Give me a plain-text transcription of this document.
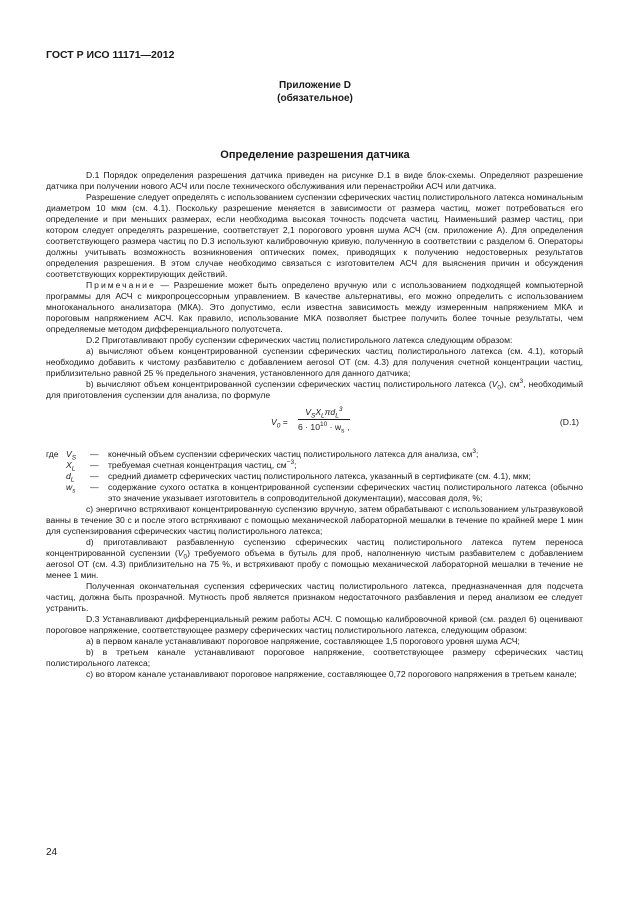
ГОСТ Р ИСО 11171—2012
Приложение D
(обязательное)
Определение разрешения датчика

D.1 Порядок определения разрешения датчика приведен на рисунке D.1 в виде блок-схемы. Определяют разрешение датчика при получении нового АСЧ или после технического обслуживания или перенастройки АСЧ или датчика.

Разрешение следует определять с использованием суспензии сферических частиц полистирольного латекса номинальным диаметром 10 мкм (см. 4.1). Поскольку разрешение меняется в зависимости от размера частиц, может потребоваться его определение и при меньших размерах, если необходима высокая точность подсчета частиц. Наименьший размер частиц, при котором следует определять разрешение, соответствует 2,1 порогового уровня шума АСЧ (см. приложение А). Для определения соответствующего размера частиц по D.3 используют калибровочную кривую, полученную в соответствии с разделом 6. Операторы должны учитывать возможность возникновения оптических помех, приводящих к получению недостоверных результатов определения разрешения. В этом случае необходимо связаться с изготовителем АСЧ для выяснения причин и обсуждения соответствующих корректирующих действий.

Примечание — Разрешение может быть определено вручную или с использованием подходящей компьютерной программы для АСЧ с микропроцессорным управлением. В качестве альтернативы, его можно определить с использованием многоканального анализатора (МКА). Это допустимо, если известна зависимость между измеренным напряжением МКА и пороговым напряжением АСЧ. Как правило, использование МКА позволяет быстрее получить более точные результаты, чем определяемые методом дифференциального полуотсчета.

D.2 Приготавливают пробу суспензии сферических частиц полистирольного латекса следующим образом:

а) вычисляют объем концентрированной суспензии сферических частиц полистирольного латекса (см. 4.1), который необходимо добавить к чистому разбавителю с добавлением aerosol OT (см. 4.3) для получения счетной концентрации частиц, приблизительно равной 25 % предельного значения, установленного для данного датчика;

b) вычисляют объем концентрированной суспензии сферических частиц полистирольного латекса $(V_0)$, $см^3$, необходимый для приготовления суспензии для анализа, по формуле

$V_0$ =
$V_SX_L\pi d_L^3$
$6 \cdot 10^{10} \cdot w_s$ ,	(D.1)
где $V_S$	—	конечный объем суспензии сферических частиц полистирольного латекса для анализа, $см^3$;
$X_L$	—	требуемая счетная концентрация частиц, $см^{-3}$;
$d_L$	—	средний диаметр сферических частиц полистирольного латекса, указанный в сертификате (см. 4.1), мкм;
$w_s$	—	содержание сухого остатка в концентрированной суспензии сферических частиц полистирольного латекса (обычно это значение указывает изготовитель в сопроводительной документации), массовая доля, %;

с) энергично встряхивают концентрированную суспензию вручную, затем обрабатывают с использованием ультразвуковой ванны в течение 30 с и после этого встряхивают с помощью механической лабораторной мешалки в течение по крайней мере 1 мин для суспензирования сферических частиц полистирольного латекса;

d) приготавливают разбавленную суспензию сферических частиц полистирольного латекса путем переноса концентрированной суспензии $(V_0)$ требуемого объема в бутыль для проб, наполненную чистым разбавителем с добавлением aerosol OT (см. 4.3) приблизительно на 75 %, и встряхивают пробу с помощью механической лабораторной мешалки в течение не менее 1 мин.

Полученная окончательная суспензия сферических частиц полистирольного латекса, предназначенная для подсчета частиц, должна быть прозрачной. Мутность проб является признаком недостаточного разбавления и перед анализом ее следует устранить.

D.3 Устанавливают дифференциальный режим работы АСЧ. С помощью калибровочной кривой (см. раздел 6) оценивают пороговое напряжение, соответствующее размеру сферических частиц полистирольного латекса, следующим образом:

а) в первом канале устанавливают пороговое напряжение, составляющее 1,5 порогового уровня шума АСЧ;

b) в третьем канале устанавливают пороговое напряжение, соответствующее размеру сферических частиц полистирольного латекса;

с) во втором канале устанавливают пороговое напряжение, составляющее 0,72 порогового напряжения в третьем канале;

24
